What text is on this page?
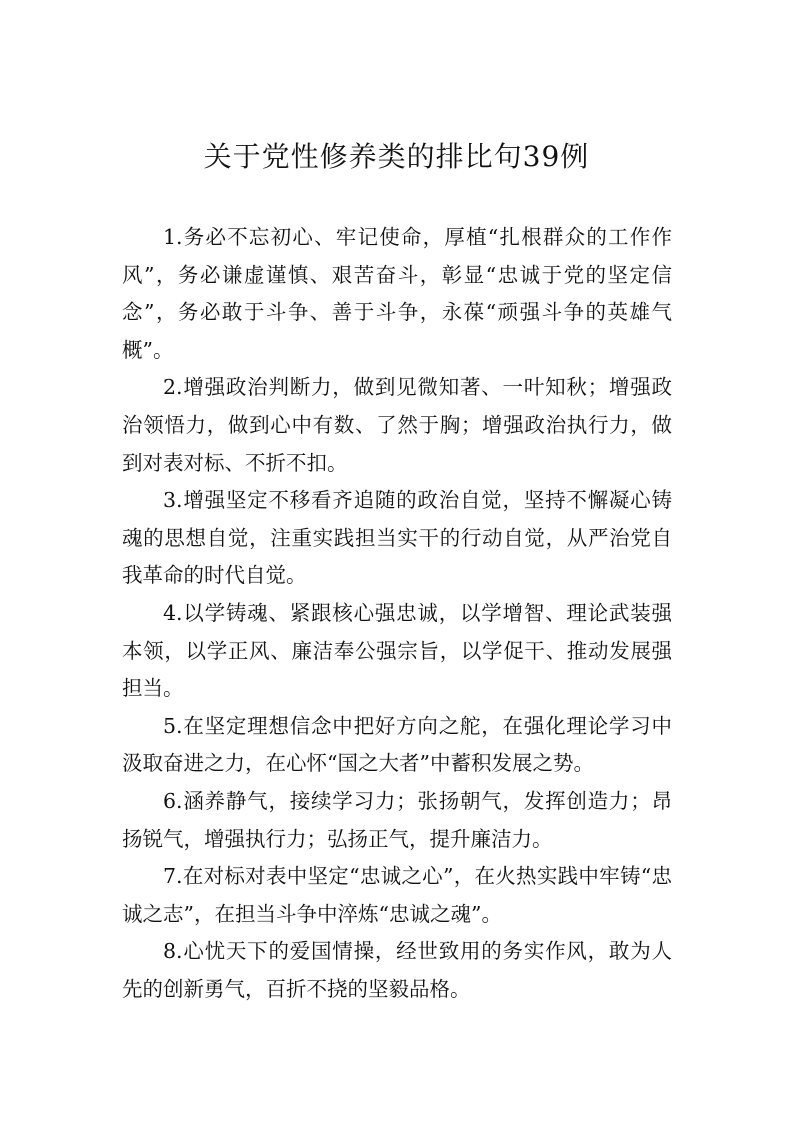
关于党性修养类的排比句39例
1.务必不忘初心、牢记使命，厚植“扎根群众的工作作
风”，务必谦虚谨慎、艰苦奋斗，彰显“忠诚于党的坚定信
念”，务必敢于斗争、善于斗争，永葆“顽强斗争的英雄气
概”。
2.增强政治判断力，做到见微知著、一叶知秋；增强政
治领悟力，做到心中有数、了然于胸；增强政治执行力，做
到对表对标、不折不扣。
3.增强坚定不移看齐追随的政治自觉，坚持不懈凝心铸
魂的思想自觉，注重实践担当实干的行动自觉，从严治党自
我革命的时代自觉。
4.以学铸魂、紧跟核心强忠诚，以学增智、理论武装强
本领，以学正风、廉洁奉公强宗旨，以学促干、推动发展强
担当。
5.在坚定理想信念中把好方向之舵，在强化理论学习中
汲取奋进之力，在心怀“国之大者”中蓄积发展之势。
6.涵养静气，接续学习力；张扬朝气，发挥创造力；昂
扬锐气，增强执行力；弘扬正气，提升廉洁力。
7.在对标对表中坚定“忠诚之心”，在火热实践中牢铸“忠
诚之志”，在担当斗争中淬炼“忠诚之魂”。
8.心忧天下的爱国情操，经世致用的务实作风，敢为人
先的创新勇气，百折不挠的坚毅品格。
